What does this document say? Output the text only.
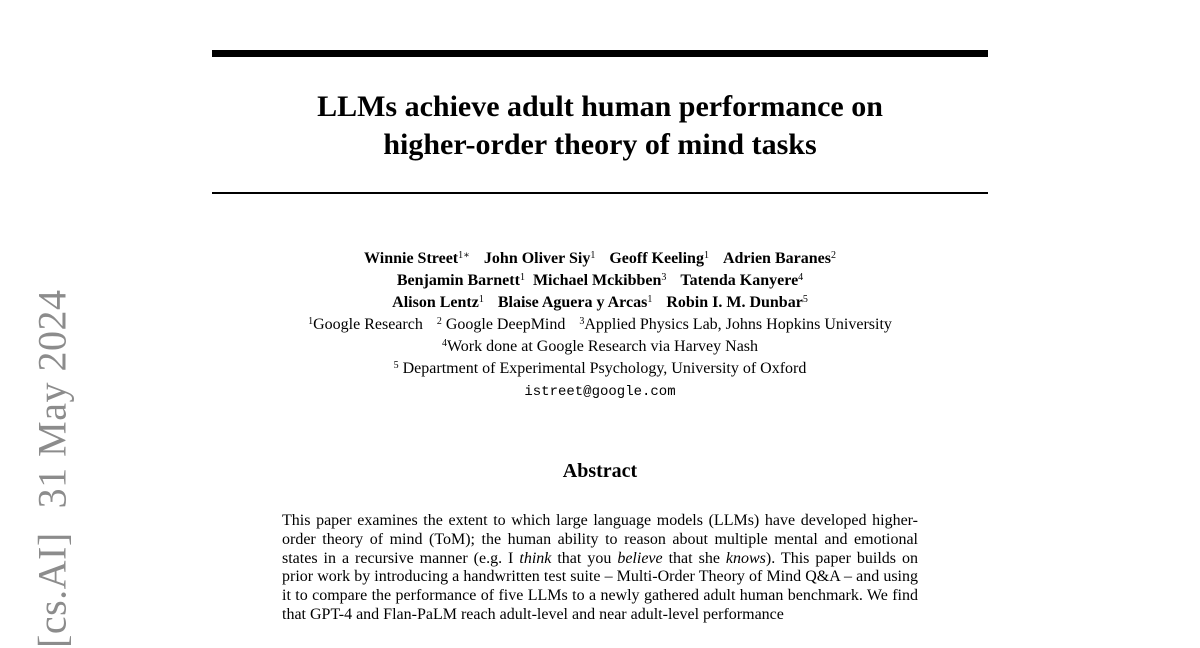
[cs.AI]31 May 2024
LLMs achieve adult human performance on
higher-order theory of mind tasks
Winnie Street$^{1∗}$ John Oliver Siy$^1$ Geoff Keeling$^1$ Adrien Baranes$^2$
Benjamin Barnett$^1$ Michael Mckibben$^3$ Tatenda Kanyere$^4$
Alison Lentz$^1$ Blaise Aguera y Arcas$^1$ Robin I. M. Dunbar$^5$
$^1$Google Research $^2$ Google DeepMind $^3$Applied Physics Lab, Johns Hopkins University
$^4$Work done at Google Research via Harvey Nash
$^5$ Department of Experimental Psychology, University of Oxford
istreet@google.com
Abstract

This paper examines the extent to which large language models (LLMs) have developed higher-order theory of mind (ToM); the human ability to reason about multiple mental and emotional states in a recursive manner (e.g. I think that you believe that she knows). This paper builds on prior work by introducing a handwritten test suite – Multi-Order Theory of Mind Q&A – and using it to compare the performance of five LLMs to a newly gathered adult human benchmark. We find that GPT-4 and Flan-PaLM reach adult-level and near adult-level performance
